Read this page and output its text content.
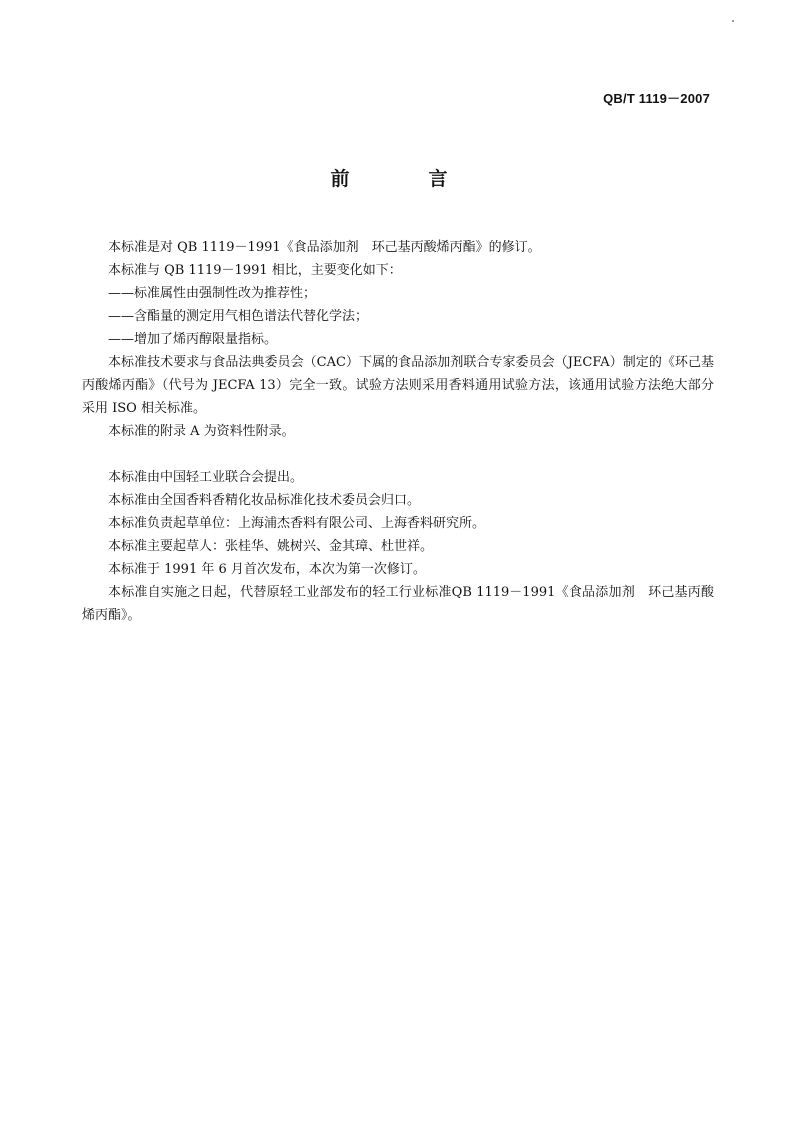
QB/T 1119－2007
前　言

本标准是对 QB 1119－1991《食品添加剂　环己基丙酸烯丙酯》的修订。

本标准与 QB 1119－1991 相比，主要变化如下：

——标准属性由强制性改为推荐性；

——含酯量的测定用气相色谱法代替化学法；

——增加了烯丙醇限量指标。

本标准技术要求与食品法典委员会（CAC）下属的食品添加剂联合专家委员会（JECFA）制定的《环己基丙酸烯丙酯》（代号为 JECFA 13）完全一致。试验方法则采用香料通用试验方法，该通用试验方法绝大部分采用 ISO 相关标准。

本标准的附录 A 为资料性附录。

本标准由中国轻工业联合会提出。

本标准由全国香料香精化妆品标准化技术委员会归口。

本标准负责起草单位：上海浦杰香料有限公司、上海香料研究所。

本标准主要起草人：张桂华、姚树兴、金其璋、杜世祥。

本标准于 1991 年 6 月首次发布，本次为第一次修订。

本标准自实施之日起，代替原轻工业部发布的轻工行业标准QB 1119－1991《食品添加剂　环己基丙酸烯丙酯》。
